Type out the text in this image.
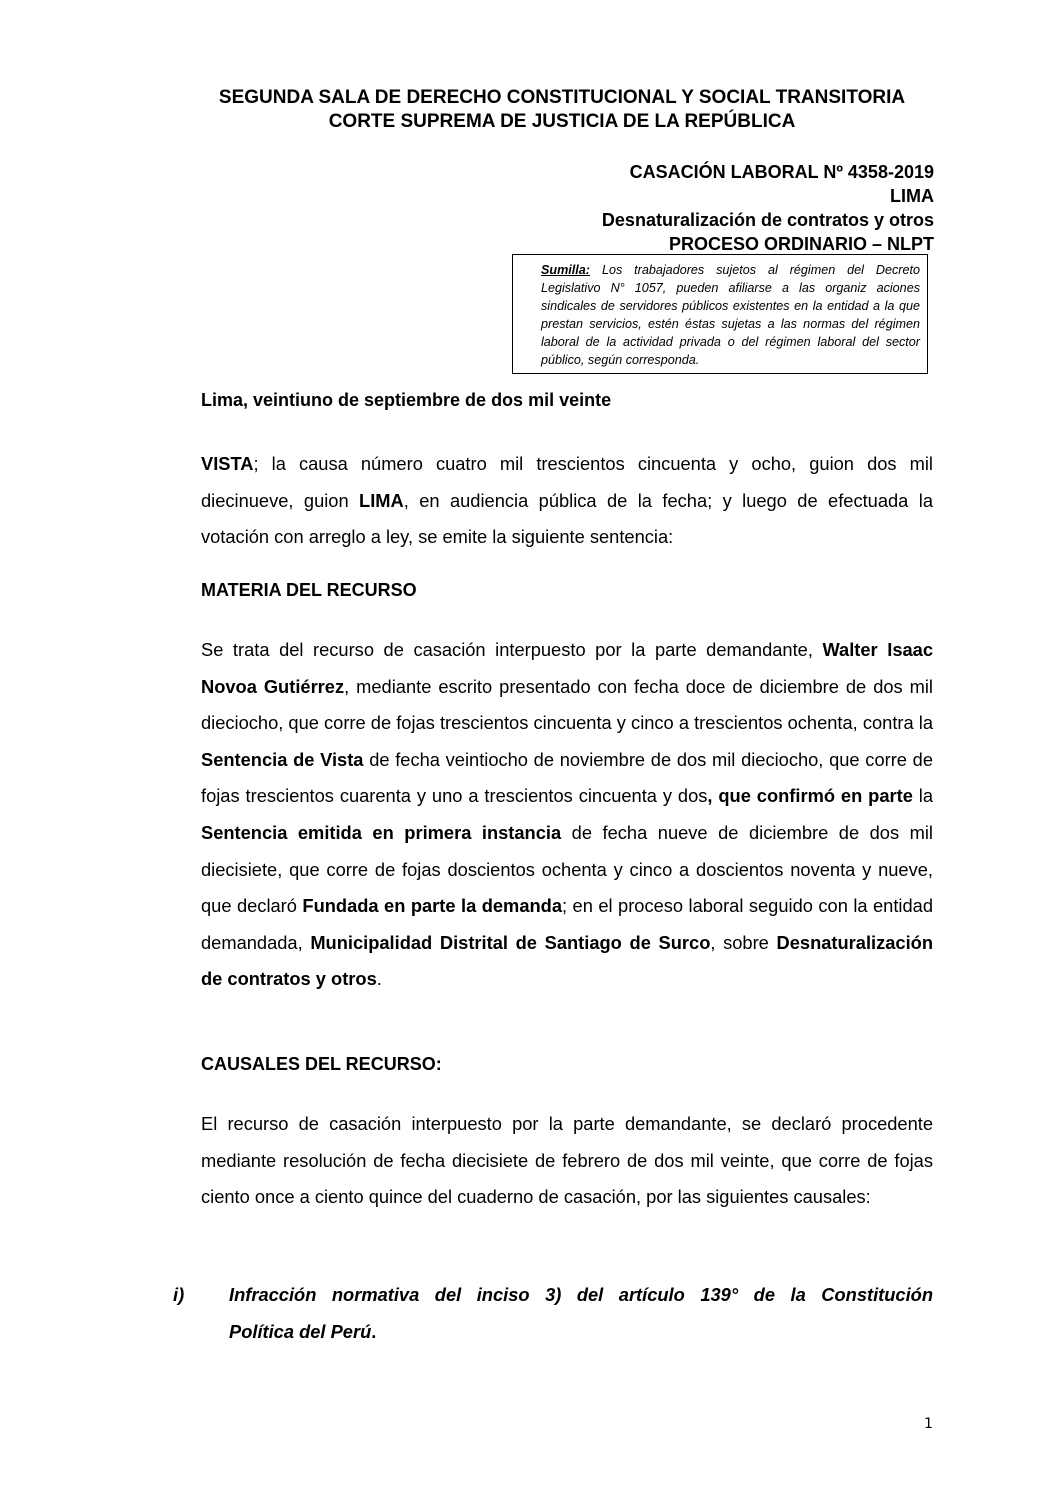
SEGUNDA SALA DE DERECHO CONSTITUCIONAL Y SOCIAL TRANSITORIA
CORTE SUPREMA DE JUSTICIA DE LA REPÚBLICA
CASACIÓN LABORAL Nº 4358-2019
LIMA
Desnaturalización de contratos y otros
PROCESO ORDINARIO – NLPT
Sumilla: Los trabajadores sujetos al régimen del Decreto Legislativo N° 1057, pueden afiliarse a las organiz aciones sindicales de servidores públicos existentes en la entidad a la que prestan servicios, estén éstas sujetas a las normas del régimen laboral de la actividad privada o del régimen laboral del sector público, según corresponda.
Lima, veintiuno de septiembre de dos mil veinte
VISTA; la causa número cuatro mil trescientos cincuenta y ocho, guion dos mil diecinueve, guion LIMA, en audiencia pública de la fecha; y luego de efectuada la votación con arreglo a ley, se emite la siguiente sentencia:
MATERIA DEL RECURSO
Se trata del recurso de casación interpuesto por la parte demandante, Walter Isaac Novoa Gutiérrez, mediante escrito presentado con fecha doce de diciembre de dos mil dieciocho, que corre de fojas trescientos cincuenta y cinco a trescientos ochenta, contra la Sentencia de Vista de fecha veintiocho de noviembre de dos mil dieciocho, que corre de fojas trescientos cuarenta y uno a trescientos cincuenta y dos, que confirmó en parte la Sentencia emitida en primera instancia de fecha nueve de diciembre de dos mil diecisiete, que corre de fojas doscientos ochenta y cinco a doscientos noventa y nueve, que declaró Fundada en parte la demanda; en el proceso laboral seguido con la entidad demandada, Municipalidad Distrital de Santiago de Surco, sobre Desnaturalización de contratos y otros.
CAUSALES DEL RECURSO:
El recurso de casación interpuesto por la parte demandante, se declaró procedente mediante resolución de fecha diecisiete de febrero de dos mil veinte, que corre de fojas ciento once a ciento quince del cuaderno de casación, por las siguientes causales:
i) Infracción normativa del inciso 3) del artículo 139° de la Constitución
Política del Perú.
1
